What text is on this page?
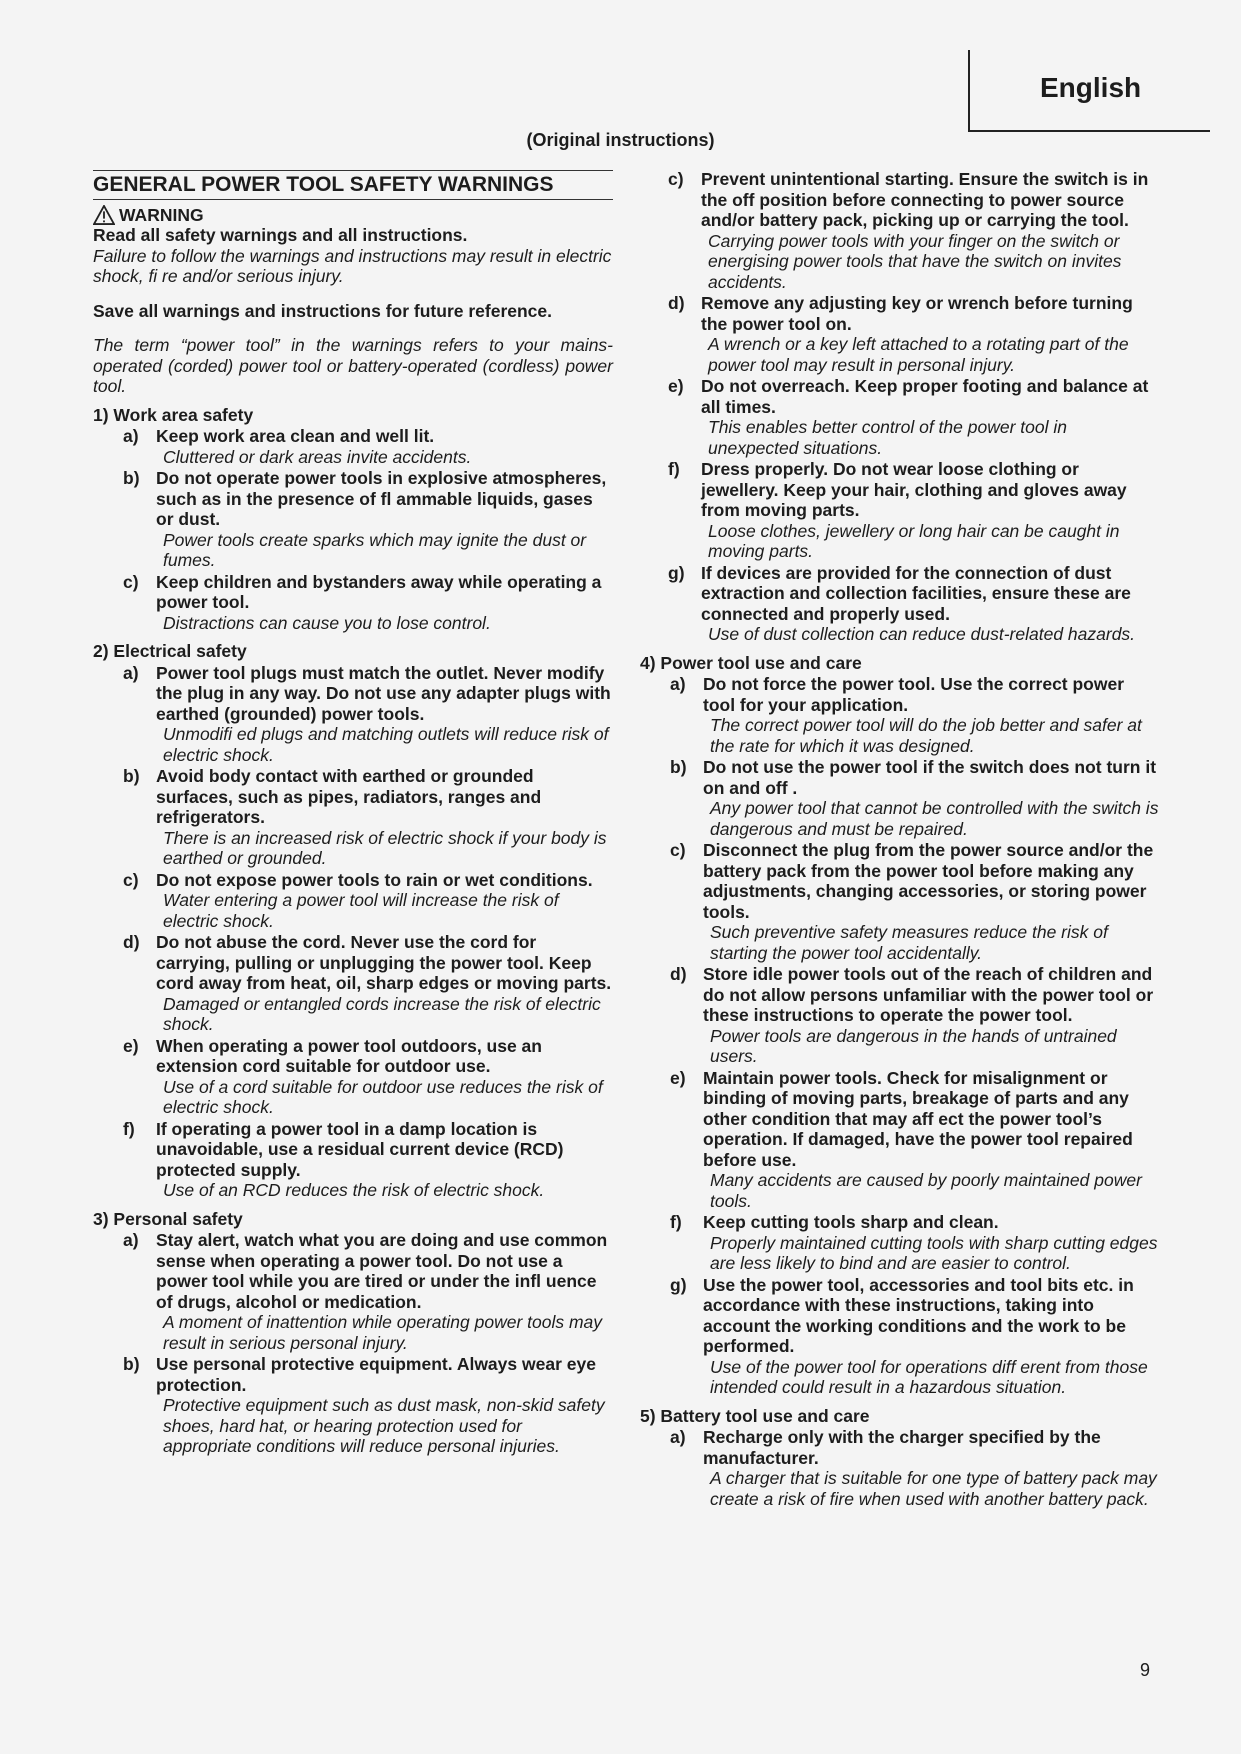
English
(Original instructions)
GENERAL POWER TOOL SAFETY WARNINGS
WARNING
Read all safety warnings and all instructions.
Failure to follow the warnings and instructions may result in electric shock, fi re and/or serious injury.
Save all warnings and instructions for future reference.
The term “power tool” in the warnings refers to your mains-operated (corded) power tool or battery-operated (cordless) power tool.
1) Work area safety
a) Keep work area clean and well lit.
Cluttered or dark areas invite accidents.
b) Do not operate power tools in explosive atmospheres, such as in the presence of fl ammable liquids, gases or dust.
Power tools create sparks which may ignite the dust or fumes.
c) Keep children and bystanders away while operating a power tool.
Distractions can cause you to lose control.
2) Electrical safety
a) Power tool plugs must match the outlet. Never modify the plug in any way. Do not use any adapter plugs with earthed (grounded) power tools.
Unmodifi ed plugs and matching outlets will reduce risk of electric shock.
b) Avoid body contact with earthed or grounded surfaces, such as pipes, radiators, ranges and refrigerators.
There is an increased risk of electric shock if your body is earthed or grounded.
c) Do not expose power tools to rain or wet conditions.
Water entering a power tool will increase the risk of electric shock.
d) Do not abuse the cord. Never use the cord for carrying, pulling or unplugging the power tool. Keep cord away from heat, oil, sharp edges or moving parts.
Damaged or entangled cords increase the risk of electric shock.
e) When operating a power tool outdoors, use an extension cord suitable for outdoor use.
Use of a cord suitable for outdoor use reduces the risk of electric shock.
f)	If operating a power tool in a damp location is unavoidable, use a residual current device (RCD) protected supply.
Use of an RCD reduces the risk of electric shock.
3) Personal safety
a) Stay alert, watch what you are doing and use common sense when operating a power tool. Do not use a power tool while you are tired or under the infl uence of drugs, alcohol or medication.
A moment of inattention while operating power tools may result in serious personal injury.
b) Use personal protective equipment. Always wear eye protection.
Protective equipment such as dust mask, non-skid safety shoes, hard hat, or hearing protection used for appropriate conditions will reduce personal injuries.
c) Prevent unintentional starting. Ensure the switch is in the off position before connecting to power source and/or battery pack, picking up or carrying the tool.
Carrying power tools with your finger on the switch or energising power tools that have the switch on invites accidents.
d) Remove any adjusting key or wrench before turning the power tool on.
A wrench or a key left attached to a rotating part of the power tool may result in personal injury.
e) Do not overreach. Keep proper footing and balance at all times.
This enables better control of the power tool in unexpected situations.
f)	Dress properly. Do not wear loose clothing or jewellery. Keep your hair, clothing and gloves away from moving parts.
Loose clothes, jewellery or long hair can be caught in moving parts.
g) If devices are provided for the connection of dust extraction and collection facilities, ensure these are connected and properly used.
Use of dust collection can reduce dust-related hazards.
4) Power tool use and care
a) Do not force the power tool. Use the correct power tool for your application.
The correct power tool will do the job better and safer at the rate for which it was designed.
b) Do not use the power tool if the switch does not turn it on and off .
Any power tool that cannot be controlled with the switch is dangerous and must be repaired.
c) Disconnect the plug from the power source and/or the battery pack from the power tool before making any adjustments, changing accessories, or storing power tools.
Such preventive safety measures reduce the risk of starting the power tool accidentally.
d) Store idle power tools out of the reach of children and do not allow persons unfamiliar with the power tool or these instructions to operate the power tool.
Power tools are dangerous in the hands of untrained users.
e) Maintain power tools. Check for misalignment or binding of moving parts, breakage of parts and any other condition that may aff ect the power tool’s operation. If damaged, have the power tool repaired before use.
Many accidents are caused by poorly maintained power tools.
f)	Keep cutting tools sharp and clean.
Properly maintained cutting tools with sharp cutting edges are less likely to bind and are easier to control.
g) Use the power tool, accessories and tool bits etc. in accordance with these instructions, taking into account the working conditions and the work to be performed.
Use of the power tool for operations diff erent from those intended could result in a hazardous situation.
5) Battery tool use and care
a) Recharge only with the charger specified by the manufacturer.
A charger that is suitable for one type of battery pack may create a risk of fire when used with another battery pack.
9
